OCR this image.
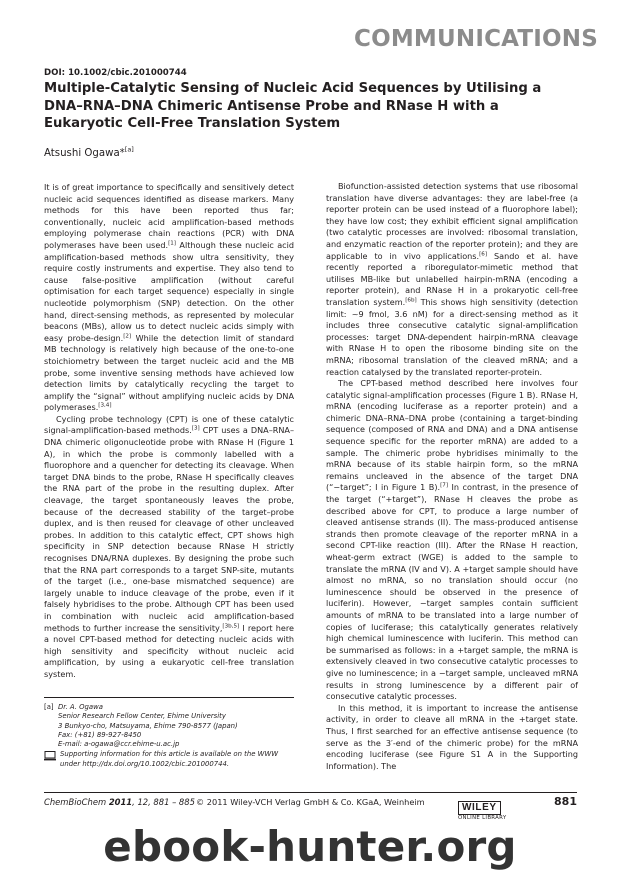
COMMUNICATIONS
DOI: 10.1002/cbic.201000744
Multiple-Catalytic Sensing of Nucleic Acid Sequences by Utilising a DNA–RNA–DNA Chimeric Antisense Probe and RNase H with a Eukaryotic Cell-Free Translation System
Atsushi Ogawa*[a]

It is of great importance to specifically and sensitively detect nucleic acid sequences identified as disease markers. Many methods for this have been reported thus far; conventionally, nucleic acid amplification-based methods employing polymerase chain reactions (PCR) with DNA polymerases have been used.[1] Although these nucleic acid amplification-based methods show ultra sensitivity, they require costly instruments and expertise. They also tend to cause false-positive amplification (without careful optimisation for each target sequence) especially in single nucleotide polymorphism (SNP) detection. On the other hand, direct-sensing methods, as represented by molecular beacons (MBs), allow us to detect nucleic acids simply with easy probe-design.[2] While the detection limit of standard MB technology is relatively high because of the one-to-one stoichiometry between the target nucleic acid and the MB probe, some inventive sensing methods have achieved low detection limits by catalytically recycling the target to amplify the “signal” without amplifying nucleic acids by DNA polymerases.[3,4]

Cycling probe technology (CPT) is one of these catalytic signal-amplification-based methods.[3] CPT uses a DNA–RNA–DNA chimeric oligonucleotide probe with RNase H (Figure 1 A), in which the probe is commonly labelled with a fluorophore and a quencher for detecting its cleavage. When target DNA binds to the probe, RNase H specifically cleaves the RNA part of the probe in the resulting duplex. After cleavage, the target spontaneously leaves the probe, because of the decreased stability of the target–probe duplex, and is then reused for cleavage of other uncleaved probes. In addition to this catalytic effect, CPT shows high specificity in SNP detection because RNase H strictly recognises DNA/RNA duplexes. By designing the probe such that the RNA part corresponds to a target SNP-site, mutants of the target (i.e., one-base mismatched sequence) are largely unable to induce cleavage of the probe, even if it falsely hybridises to the probe. Although CPT has been used in combination with nucleic acid amplification-based methods to further increase the sensitivity,[3b,5] I report here a novel CPT-based method for detecting nucleic acids with high sensitivity and specificity without nucleic acid amplification, by using a eukaryotic cell-free translation system.

Biofunction-assisted detection systems that use ribosomal translation have diverse advantages: they are label-free (a reporter protein can be used instead of a fluorophore label); they have low cost; they exhibit efficient signal amplification (two catalytic processes are involved: ribosomal translation, and enzymatic reaction of the reporter protein); and they are applicable to in vivo applications.[6] Sando et al. have recently reported a riboregulator-mimetic method that utilises MB-like but unlabelled hairpin-mRNA (encoding a reporter protein), and RNase H in a prokaryotic cell-free translation system.[6b] This shows high sensitivity (detection limit: ~9 fmol, 3.6 nM) for a direct-sensing method as it includes three consecutive catalytic signal-amplification processes: target DNA-dependent hairpin-mRNA cleavage with RNase H to open the ribosome binding site on the mRNA; ribosomal translation of the cleaved mRNA; and a reaction catalysed by the translated reporter-protein.

The CPT-based method described here involves four catalytic signal-amplification processes (Figure 1 B). RNase H, mRNA (encoding luciferase as a reporter protein) and a chimeric DNA–RNA–DNA probe (containing a target-binding sequence (composed of RNA and DNA) and a DNA antisense sequence specific for the reporter mRNA) are added to a sample. The chimeric probe hybridises minimally to the mRNA because of its stable hairpin form, so the mRNA remains uncleaved in the absence of the target DNA (“−target”; I in Figure 1 B).[7] In contrast, in the presence of the target (“+target”), RNase H cleaves the probe as described above for CPT, to produce a large number of cleaved antisense strands (II). The mass-produced antisense strands then promote cleavage of the reporter mRNA in a second CPT-like reaction (III). After the RNase H reaction, wheat-germ extract (WGE) is added to the sample to translate the mRNA (IV and V). A +target sample should have almost no mRNA, so no translation should occur (no luminescence should be observed in the presence of luciferin). However, −target samples contain sufficient amounts of mRNA to be translated into a large number of copies of luciferase; this catalytically generates relatively high chemical luminescence with luciferin. This method can be summarised as follows: in a +target sample, the mRNA is extensively cleaved in two consecutive catalytic processes to give no luminescence; in a −target sample, uncleaved mRNA results in strong luminescence by a different pair of consecutive catalytic processes.

In this method, it is important to increase the antisense activity, in order to cleave all mRNA in the +target state. Thus, I first searched for an effective antisense sequence (to serve as the 3′-end of the chimeric probe) for the mRNA encoding luciferase (see Figure S1 A in the Supporting Information). The

[a] Dr. A. Ogawa
Senior Research Fellow Center, Ehime University
3 Bunkyo-cho, Matsuyama, Ehime 790-8577 (Japan)
Fax: (+81) 89-927-8450
E-mail: a-ogawa@ccr.ehime-u.ac.jp
Supporting information for this article is available on the WWW under http://dx.doi.org/10.1002/cbic.201000744.
ChemBioChem 2011, 12, 881 – 885 © 2011 Wiley-VCH Verlag GmbH & Co. KGaA, Weinheim	WILEY
ONLINE LIBRARY
881
ebook-hunter.org
